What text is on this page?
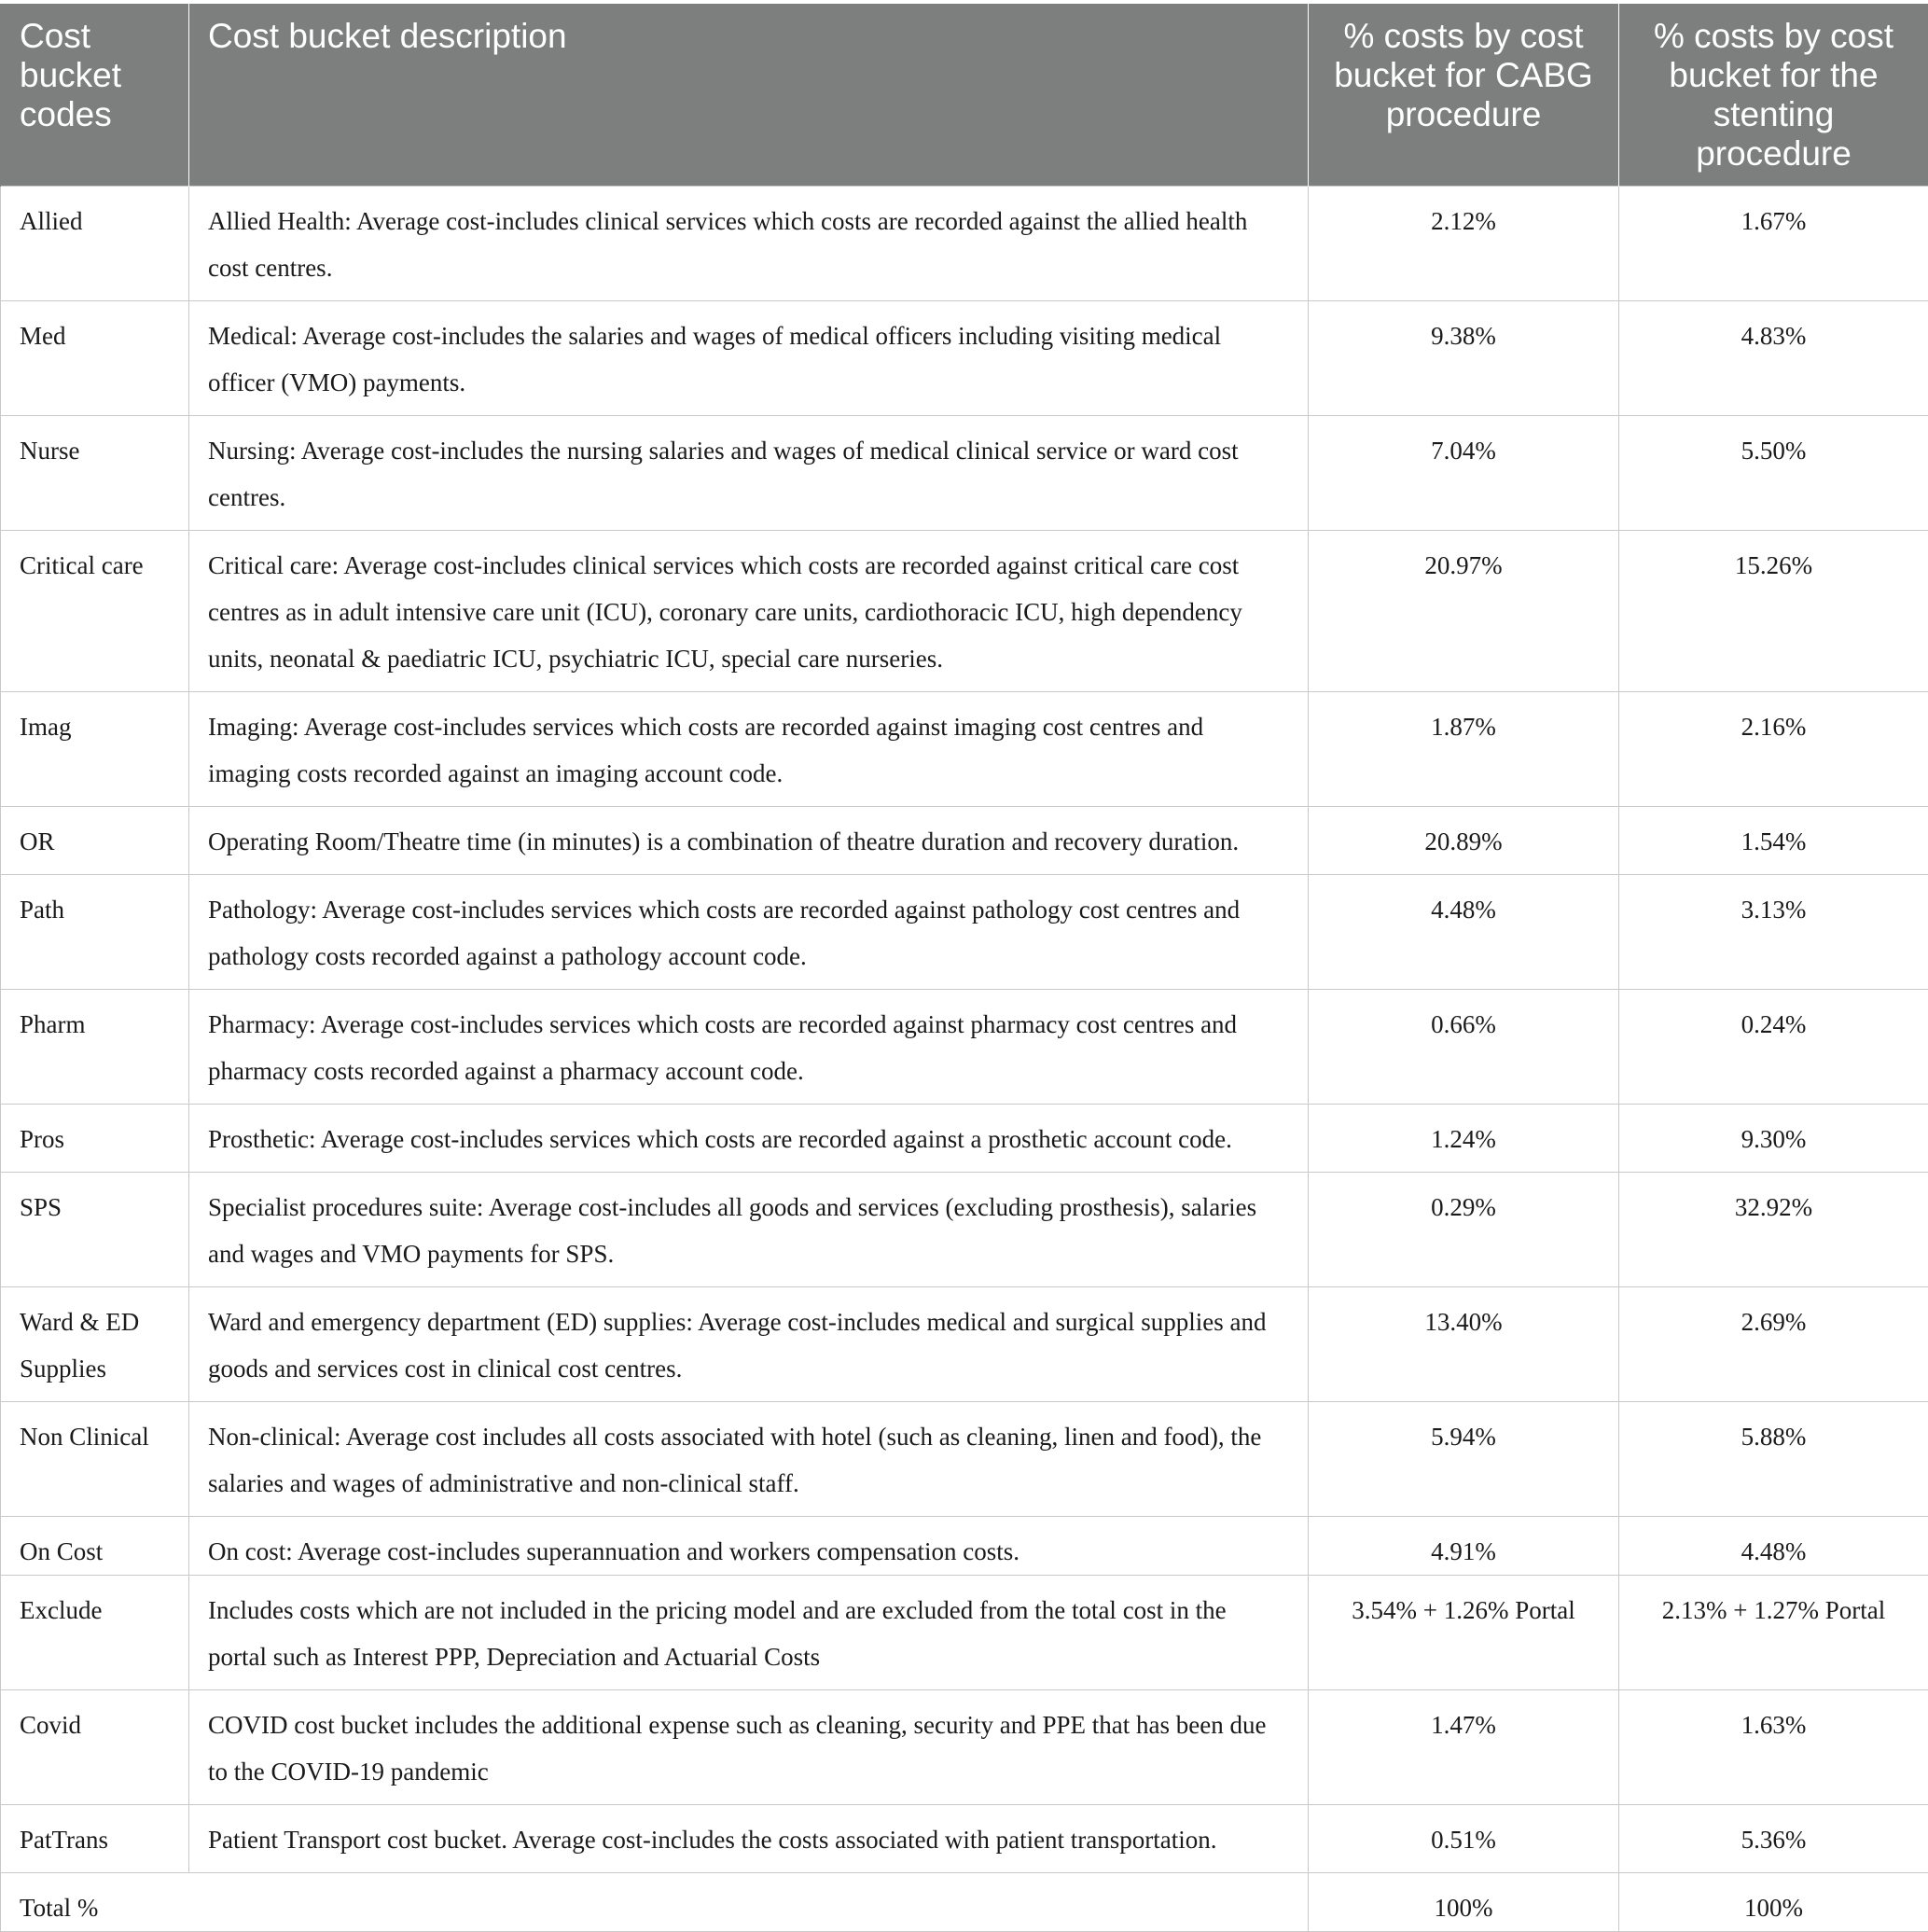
Cost bucket codes	Cost bucket description	% costs by cost bucket for CABG procedure	% costs by cost bucket for the stenting procedure
Allied	Allied Health: Average cost-includes clinical services which costs are recorded against the allied health cost centres.	2.12%	1.67%
Med	Medical: Average cost-includes the salaries and wages of medical officers including visiting medical officer (VMO) payments.	9.38%	4.83%
Nurse	Nursing: Average cost-includes the nursing salaries and wages of medical clinical service or ward cost centres.	7.04%	5.50%
Critical care	Critical care: Average cost-includes clinical services which costs are recorded against critical care cost centres as in adult intensive care unit (ICU), coronary care units, cardiothoracic ICU, high dependency units, neonatal & paediatric ICU, psychiatric ICU, special care nurseries.	20.97%	15.26%
Imag	Imaging: Average cost-includes services which costs are recorded against imaging cost centres and imaging costs recorded against an imaging account code.	1.87%	2.16%
OR	Operating Room/Theatre time (in minutes) is a combination of theatre duration and recovery duration.	20.89%	1.54%
Path	Pathology: Average cost-includes services which costs are recorded against pathology cost centres and pathology costs recorded against a pathology account code.	4.48%	3.13%
Pharm	Pharmacy: Average cost-includes services which costs are recorded against pharmacy cost centres and pharmacy costs recorded against a pharmacy account code.	0.66%	0.24%
Pros	Prosthetic: Average cost-includes services which costs are recorded against a prosthetic account code.	1.24%	9.30%
SPS	Specialist procedures suite: Average cost-includes all goods and services (excluding prosthesis), salaries and wages and VMO payments for SPS.	0.29%	32.92%
Ward & ED Supplies	Ward and emergency department (ED) supplies: Average cost-includes medical and surgical supplies and goods and services cost in clinical cost centres.	13.40%	2.69%
Non Clinical	Non-clinical: Average cost includes all costs associated with hotel (such as cleaning, linen and food), the salaries and wages of administrative and non-clinical staff.	5.94%	5.88%
On Cost	On cost: Average cost-includes superannuation and workers compensation costs.	4.91%	4.48%
Exclude	Includes costs which are not included in the pricing model and are excluded from the total cost in the portal such as Interest PPP, Depreciation and Actuarial Costs	3.54% + 1.26% Portal	2.13% + 1.27% Portal
Covid	COVID cost bucket includes the additional expense such as cleaning, security and PPE that has been due to the COVID-19 pandemic	1.47%	1.63%
PatTrans	Patient Transport cost bucket. Average cost-includes the costs associated with patient transportation.	0.51%	5.36%
Total %		100%	100%
